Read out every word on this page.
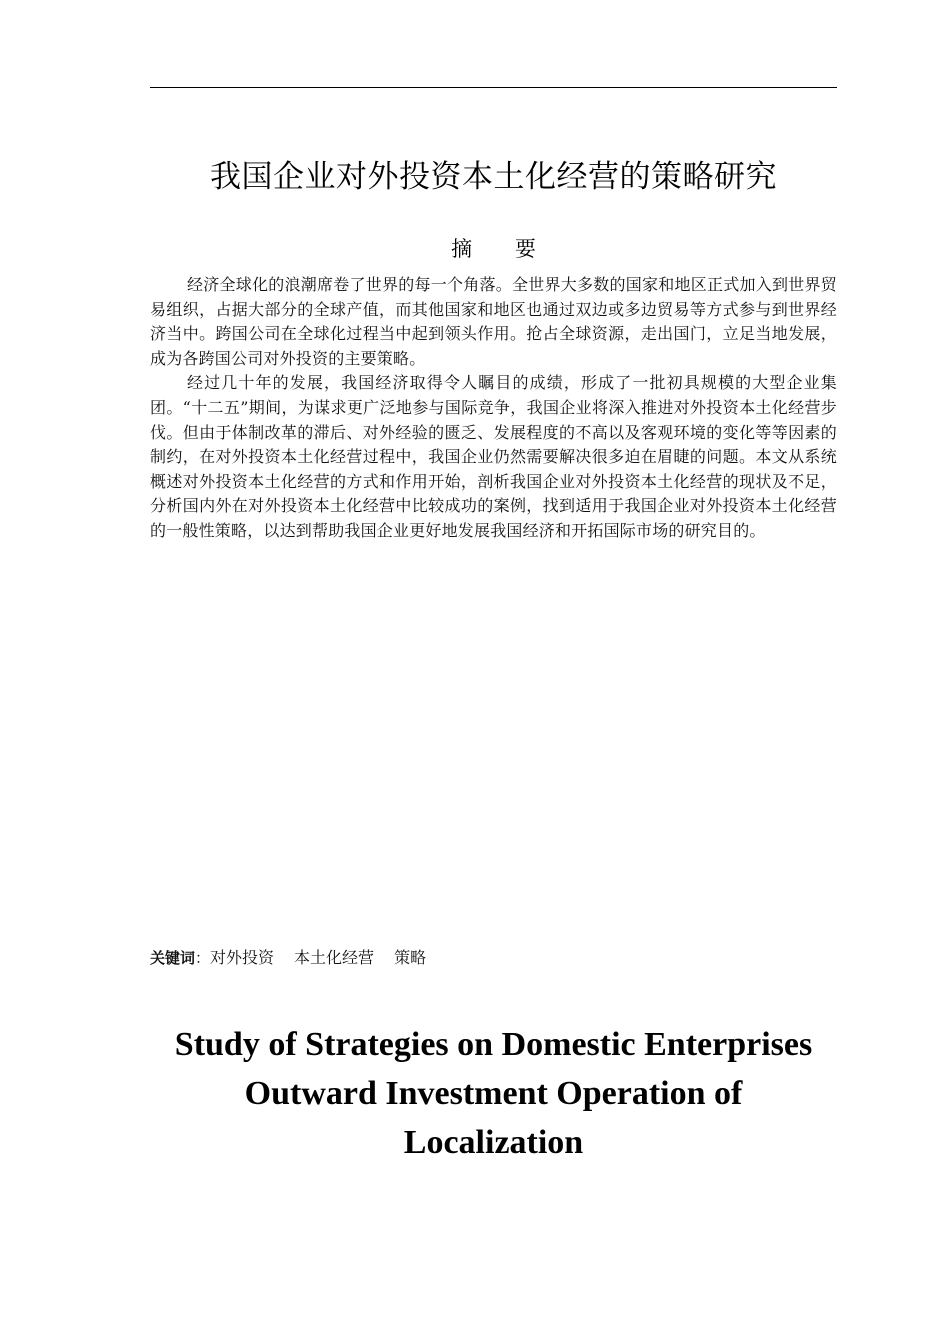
我国企业对外投资本土化经营的策略研究
摘 要

经济全球化的浪潮席卷了世界的每一个角落。全世界大多数的国家和地区正式加入到世界贸易组织，占据大部分的全球产值，而其他国家和地区也通过双边或多边贸易等方式参与到世界经济当中。跨国公司在全球化过程当中起到领头作用。抢占全球资源，走出国门，立足当地发展，成为各跨国公司对外投资的主要策略。

经过几十年的发展，我国经济取得令人瞩目的成绩，形成了一批初具规模的大型企业集团。“十二五”期间，为谋求更广泛地参与国际竞争，我国企业将深入推进对外投资本土化经营步伐。但由于体制改革的滞后、对外经验的匮乏、发展程度的不高以及客观环境的变化等等因素的制约，在对外投资本土化经营过程中，我国企业仍然需要解决很多迫在眉睫的问题。本文从系统概述对外投资本土化经营的方式和作用开始，剖析我国企业对外投资本土化经营的现状及不足，分析国内外在对外投资本土化经营中比较成功的案例，找到适用于我国企业对外投资本土化经营的一般性策略，以达到帮助我国企业更好地发展我国经济和开拓国际市场的研究目的。

关键词：对外投资 本土化经营 策略
Study of Strategies on Domestic Enterprises
Outward Investment Operation of
Localization
